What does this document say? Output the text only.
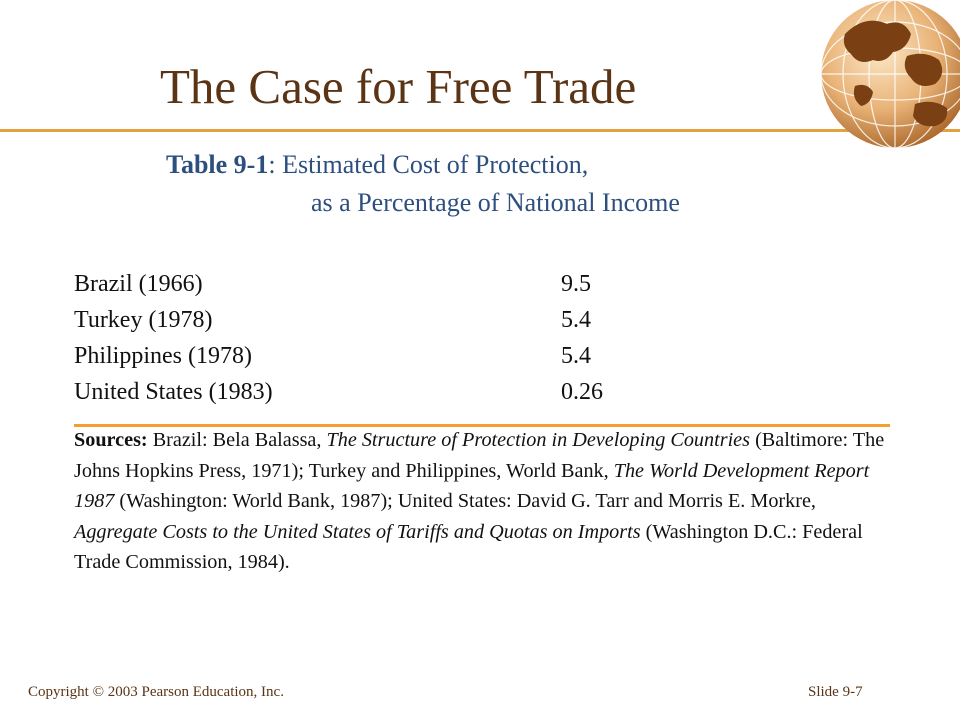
The Case for Free Trade
Table 9-1: Estimated Cost of Protection,
as a Percentage of National Income
Brazil (1966)	9.5
Turkey (1978)	5.4
Philippines (1978)	5.4
United States (1983)	0.26
Sources: Brazil: Bela Balassa, The Structure of Protection in Developing Countries (Baltimore: The Johns Hopkins Press, 1971); Turkey and Philippines, World Bank, The World Development Report 1987 (Washington: World Bank, 1987); United States: David G. Tarr and Morris E. Morkre, Aggregate Costs to the United States of Tariffs and Quotas on Imports (Washington D.C.: Federal Trade Commission, 1984).
Copyright © 2003 Pearson Education, Inc.	Slide 9-7
